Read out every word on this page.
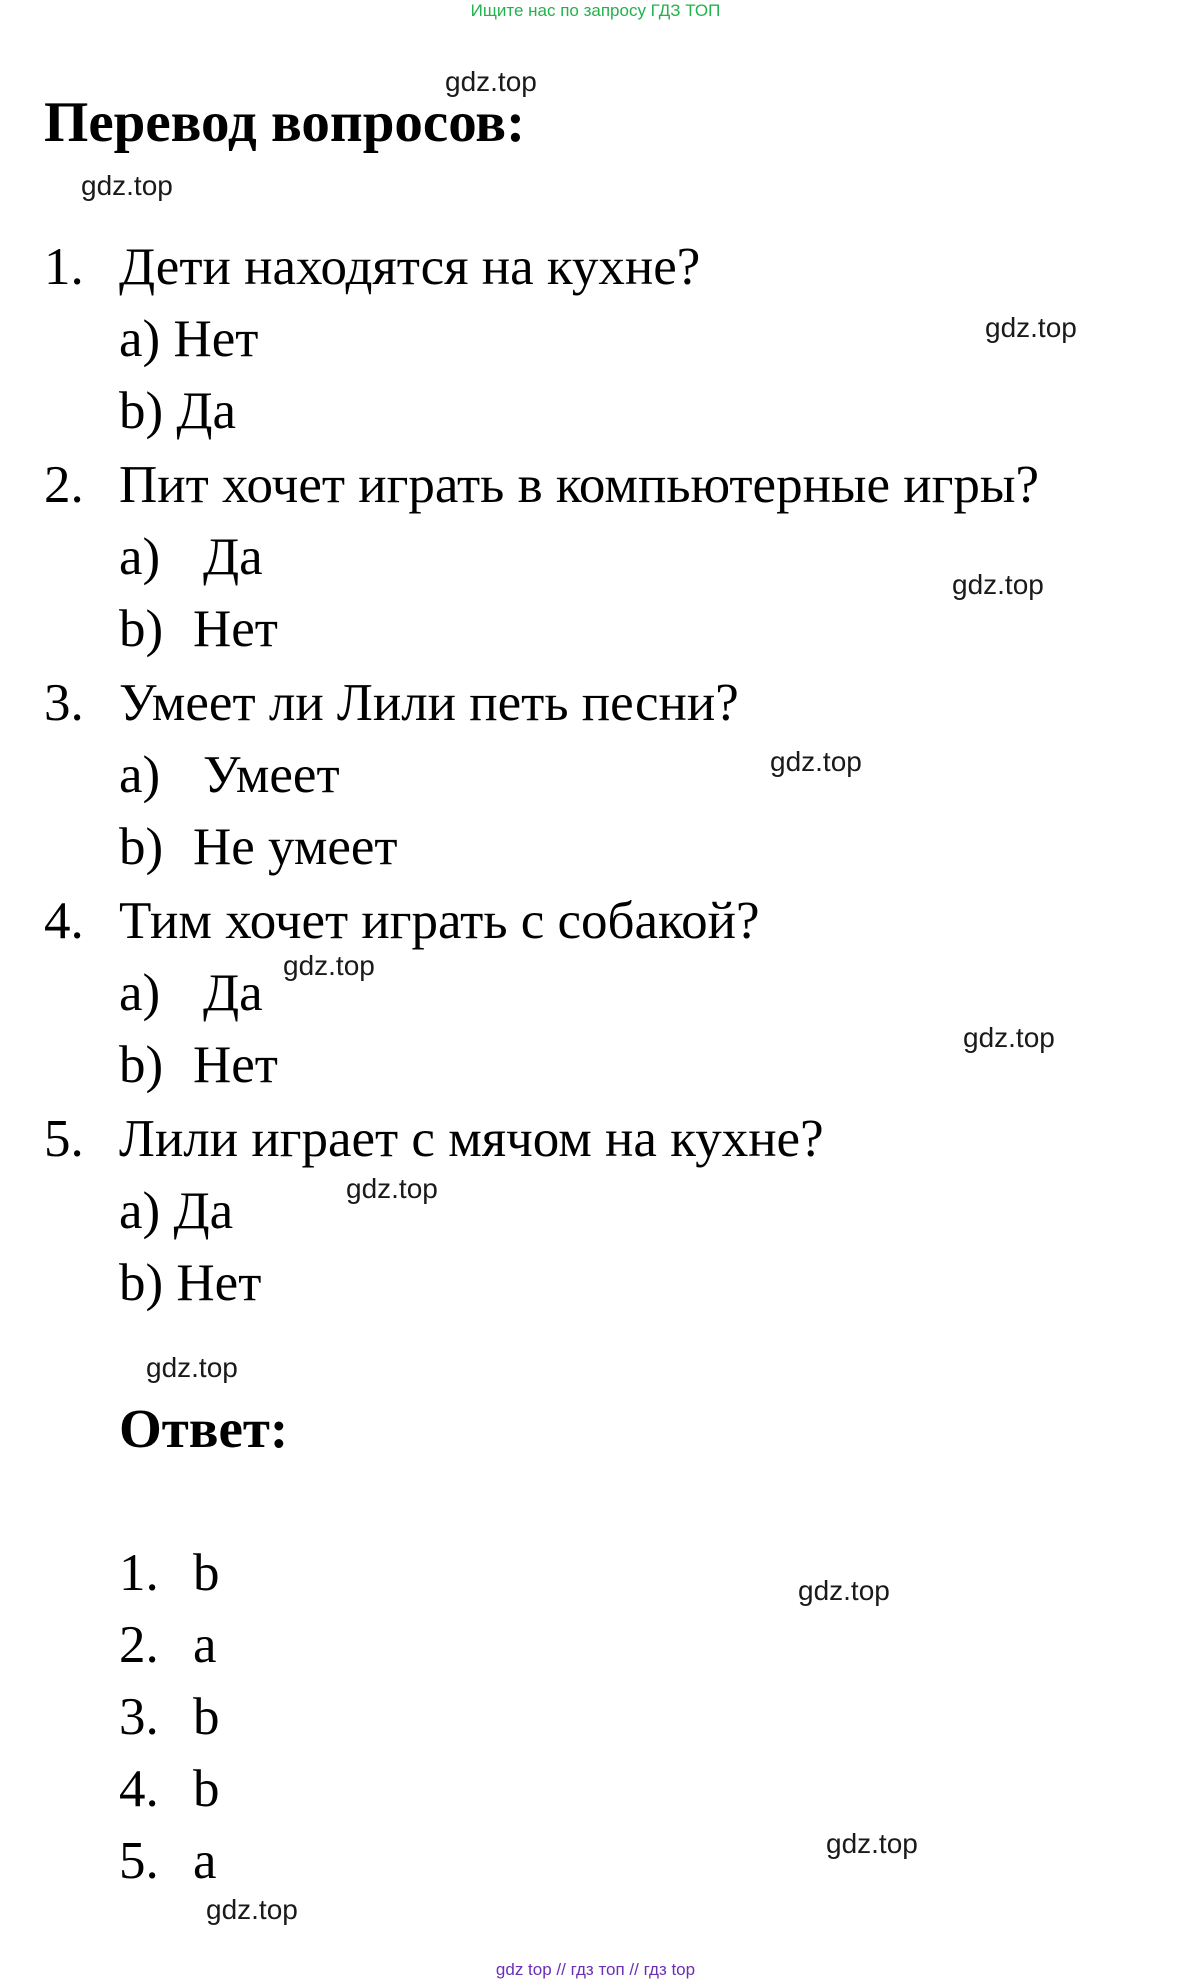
Ищите нас по запросу ГДЗ ТОП
gdz.top
Перевод вопросов:
gdz.top
1. Дети находятся на кухне?
a) Нет	gdz.top
b) Да
2. Пит хочет играть в компьютерные игры?
a) Да	gdz.top
b) Нет
3. Умеет ли Лили петь песни?
gdz.top
a) Умеет
b) Не умеет
4. Тим хочет играть с собакой?
a) Да gdz.top
gdz.top
b) Нет
5. Лили играет с мячом на кухне?
gdz.top
a) Да
b) Нет
gdz.top
Ответ:
1. b	gdz.top
2. a
3. b
4. b
gdz.top
5. a
gdz.top
gdz top // гдз топ // гдз top
